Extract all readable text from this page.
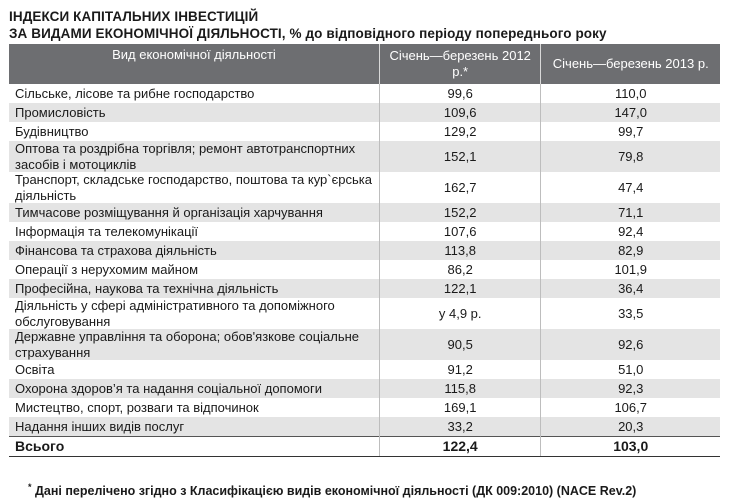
ІНДЕКСИ КАПІТАЛЬНИХ ІНВЕСТИЦІЙ
ЗА ВИДАМИ ЕКОНОМІЧНОЇ ДІЯЛЬНОСТІ, % до відповідного періоду попереднього року
Вид економічної діяльності	Січень—березень 2012 р.*	Січень—березень 2013 р.
Сільське, лісове та рибне господарство	99,6	110,0
Промисловість	109,6	147,0
Будівництво	129,2	99,7
Оптова та роздрібна торгівля; ремонт автотранспортних засобів і мотоциклів	152,1	79,8
Транспорт, складське господарство, поштова та кур`єрська діяльність	162,7	47,4
Тимчасове розміщування й організація харчування	152,2	71,1
Інформація та телекомунікації	107,6	92,4
Фінансова та страхова діяльність	113,8	82,9
Операції з нерухомим майном	86,2	101,9
Професійна, наукова та технічна діяльність	122,1	36,4
Діяльність у сфері адміністративного та допоміжного обслуговування	у 4,9 р.	33,5
Державне управління та оборона; обов'язкове соціальне страхування	90,5	92,6
Освіта	91,2	51,0
Охорона здоров’я та надання соціальної допомоги	115,8	92,3
Мистецтво, спорт, розваги та відпочинок	169,1	106,7
Надання інших видів послуг	33,2	20,3
Всього	122,4	103,0
* Дані перелічено згідно з Класифікацією видів економічної діяльності (ДК 009:2010) (NACE Rev.2)
